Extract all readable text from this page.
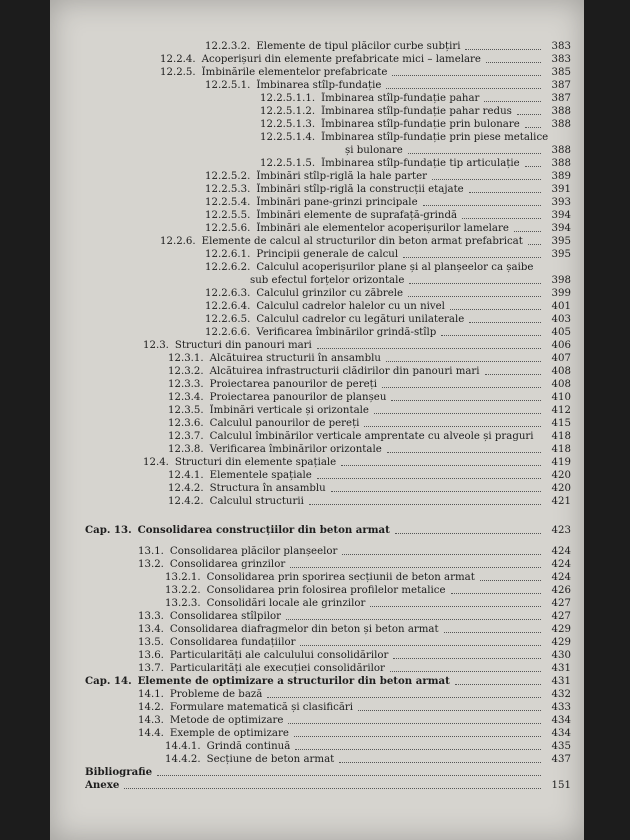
12.2.3.2. Elemente de tipul plăcilor curbe subțiri	383
12.2.4. Acoperișuri din elemente prefabricate mici – lamelare	383
12.2.5. Îmbinările elementelor prefabricate	385
12.2.5.1. Îmbinarea stîlp-fundație	387
12.2.5.1.1. Îmbinarea stîlp-fundație pahar	387
12.2.5.1.2. Îmbinarea stîlp-fundație pahar redus	388
12.2.5.1.3. Îmbinarea stîlp-fundație prin bulonare	388
12.2.5.1.4. Îmbinarea stîlp-fundație prin piese metalice
și bulonare	388
12.2.5.1.5. Îmbinarea stîlp-fundație tip articulație	388
12.2.5.2. Îmbinări stîlp-riglă la hale parter	389
12.2.5.3. Îmbinări stîlp-riglă la construcții etajate	391
12.2.5.4. Îmbinări pane-grinzi principale	393
12.2.5.5. Îmbinări elemente de suprafață-grindă	394
12.2.5.6. Îmbinări ale elementelor acoperișurilor lamelare	394
12.2.6. Elemente de calcul al structurilor din beton armat prefabricat	395
12.2.6.1. Principii generale de calcul	395
12.2.6.2. Calculul acoperișurilor plane și al planșeelor ca șaibe
sub efectul forțelor orizontale	398
12.2.6.3. Calculul grinzilor cu zăbrele	399
12.2.6.4. Calculul cadrelor halelor cu un nivel	401
12.2.6.5. Calculul cadrelor cu legături unilaterale	403
12.2.6.6. Verificarea îmbinărilor grindă-stîlp	405
12.3. Structuri din panouri mari	406
12.3.1. Alcătuirea structurii în ansamblu	407
12.3.2. Alcătuirea infrastructurii clădirilor din panouri mari	408
12.3.3. Proiectarea panourilor de pereți	408
12.3.4. Proiectarea panourilor de planșeu	410
12.3.5. Îmbinări verticale și orizontale	412
12.3.6. Calculul panourilor de pereți	415
12.3.7. Calculul îmbinărilor verticale amprentate cu alveole și praguri	418
12.3.8. Verificarea îmbinărilor orizontale	418
12.4. Structuri din elemente spațiale	419
12.4.1. Elementele spațiale	420
12.4.2. Structura în ansamblu	420
12.4.2. Calculul structurii	421
Cap. 13. Consolidarea construcțiilor din beton armat	423
13.1. Consolidarea plăcilor planșeelor	424
13.2. Consolidarea grinzilor	424
13.2.1. Consolidarea prin sporirea secțiunii de beton armat	424
13.2.2. Consolidarea prin folosirea profilelor metalice	426
13.2.3. Consolidări locale ale grinzilor	427
13.3. Consolidarea stîlpilor	427
13.4. Consolidarea diafragmelor din beton și beton armat	429
13.5. Consolidarea fundațiilor	429
13.6. Particularități ale calculului consolidărilor	430
13.7. Particularități ale execuției consolidărilor	431
Cap. 14. Elemente de optimizare a structurilor din beton armat	431
14.1. Probleme de bază	432
14.2. Formulare matematică și clasificări	433
14.3. Metode de optimizare	434
14.4. Exemple de optimizare	434
14.4.1. Grindă continuă	435
14.4.2. Secțiune de beton armat	437
Bibliografie
Anexe	151
